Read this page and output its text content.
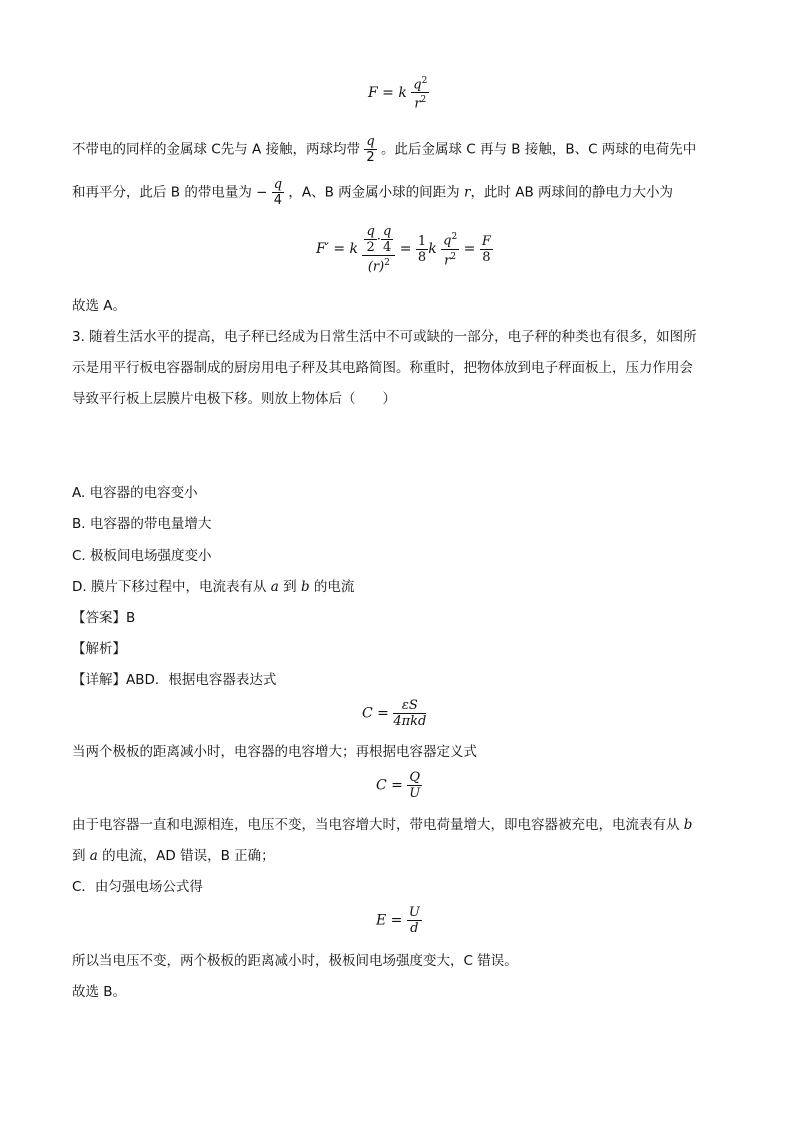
F = k $\frac{q^2}{r^2}$
不带电的同样的金属球 C先与 A 接触，两球均带 $\frac{q}{2}$ 。此后金属球 C 再与 B 接触，B、C 两球的电荷先中
和再平分，此后 B 的带电量为 − $\frac{q}{4}$ ，A、B 两金属小球的间距为 r，此时 AB 两球间的静电力大小为
F′ = k $\frac{\frac{q}{2} \cdot \frac{q}{4}}{(r)^2} = \frac{1}{8}$ k $\frac{q^2}{r^2} = \frac{F}{8}$
故选 A。
3. 随着生活水平的提高，电子秤已经成为日常生活中不可或缺的一部分，电子秤的种类也有很多，如图所
示是用平行板电容器制成的厨房用电子秤及其电路简图。称重时，把物体放到电子秤面板上，压力作用会
导致平行板上层膜片电极下移。则放上物体后（　　）
A. 电容器的电容变小
B. 电容器的带电量增大
C. 极板间电场强度变小
D. 膜片下移过程中，电流表有从 a 到 b 的电流
【答案】B
【解析】
【详解】ABD．根据电容器表达式
$C = \frac{\varepsilon S}{\text{4πkd}}$
当两个极板的距离减小时，电容器的电容增大；再根据电容器定义式
$C = \frac{Q}{U}$
由于电容器一直和电源相连，电压不变，当电容增大时，带电荷量增大，即电容器被充电，电流表有从 b
到 a 的电流，AD 错误，B 正确；
C．由匀强电场公式得
$E = \frac{U}{d}$
所以当电压不变，两个极板的距离减小时，极板间电场强度变大，C 错误。
故选 B。
